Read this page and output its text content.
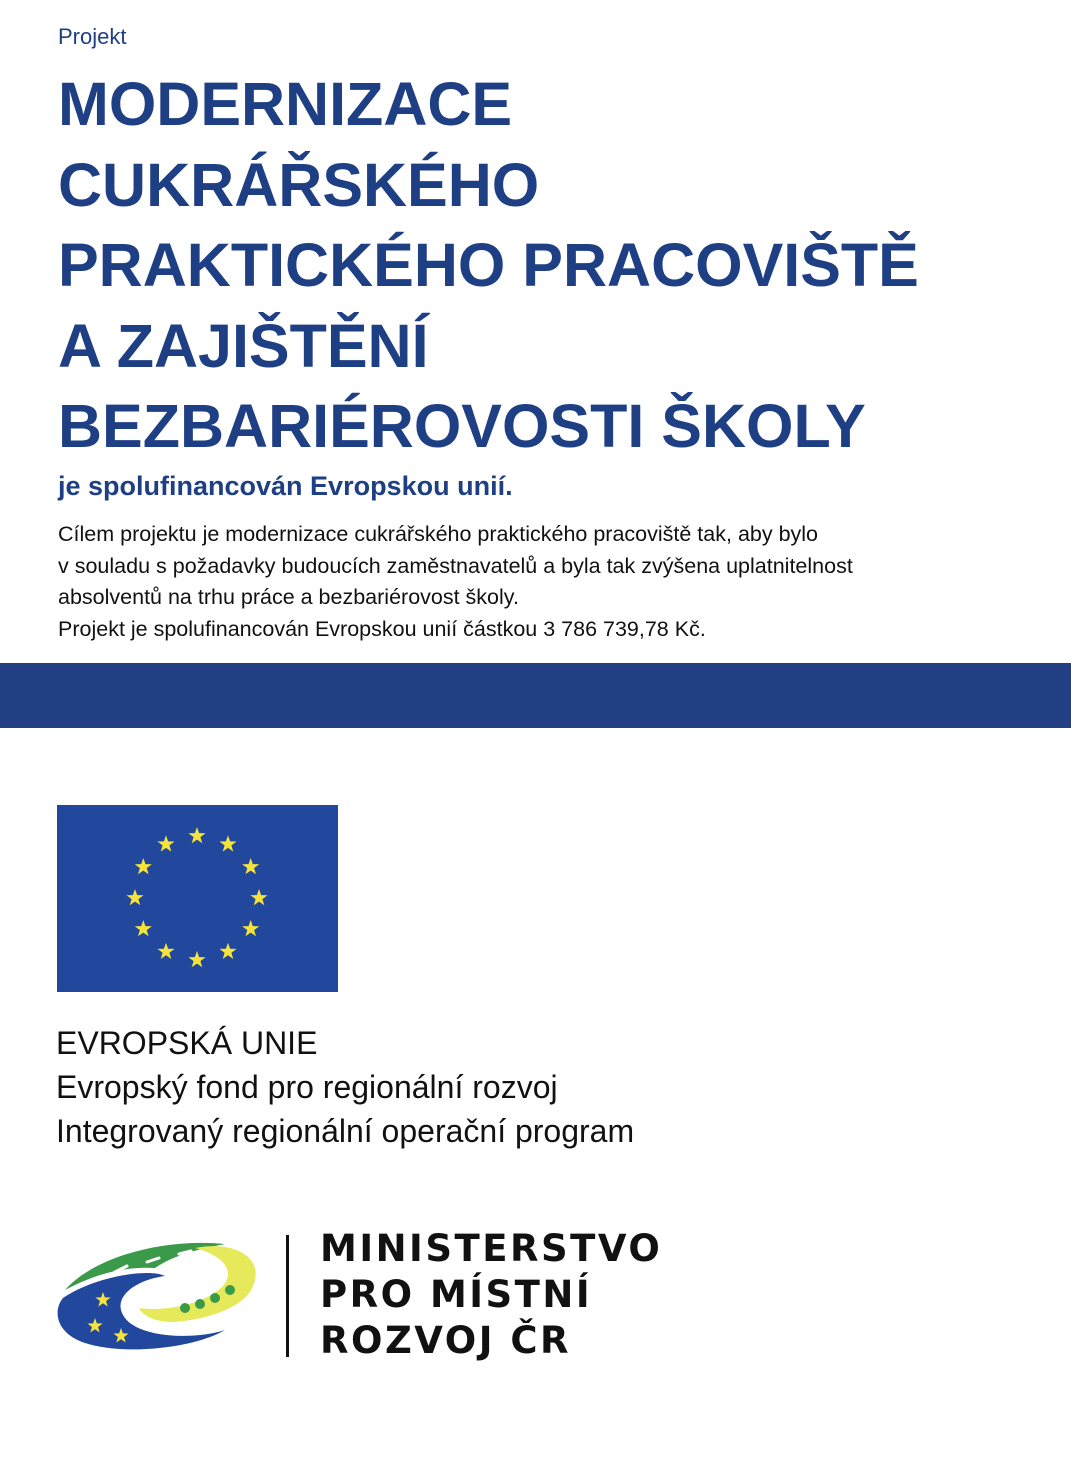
Projekt
MODERNIZACE
CUKRÁŘSKÉHO
PRAKTICKÉHO PRACOVIŠTĚ
A ZAJIŠTĚNÍ
BEZBARIÉROVOSTI ŠKOLY
je spolufinancován Evropskou unií.
Cílem projektu je modernizace cukrářského praktického pracoviště tak, aby bylo
v souladu s požadavky budoucích zaměstnavatelů a byla tak zvýšena uplatnitelnost
absolventů na trhu práce a bezbariérovost školy.
Projekt je spolufinancován Evropskou unií částkou 3 786 739,78 Kč.
EVROPSKÁ UNIE
Evropský fond pro regionální rozvoj
Integrovaný regionální operační program
MINISTERSTVO
PRO MÍSTNÍ
ROZVOJ ČR
